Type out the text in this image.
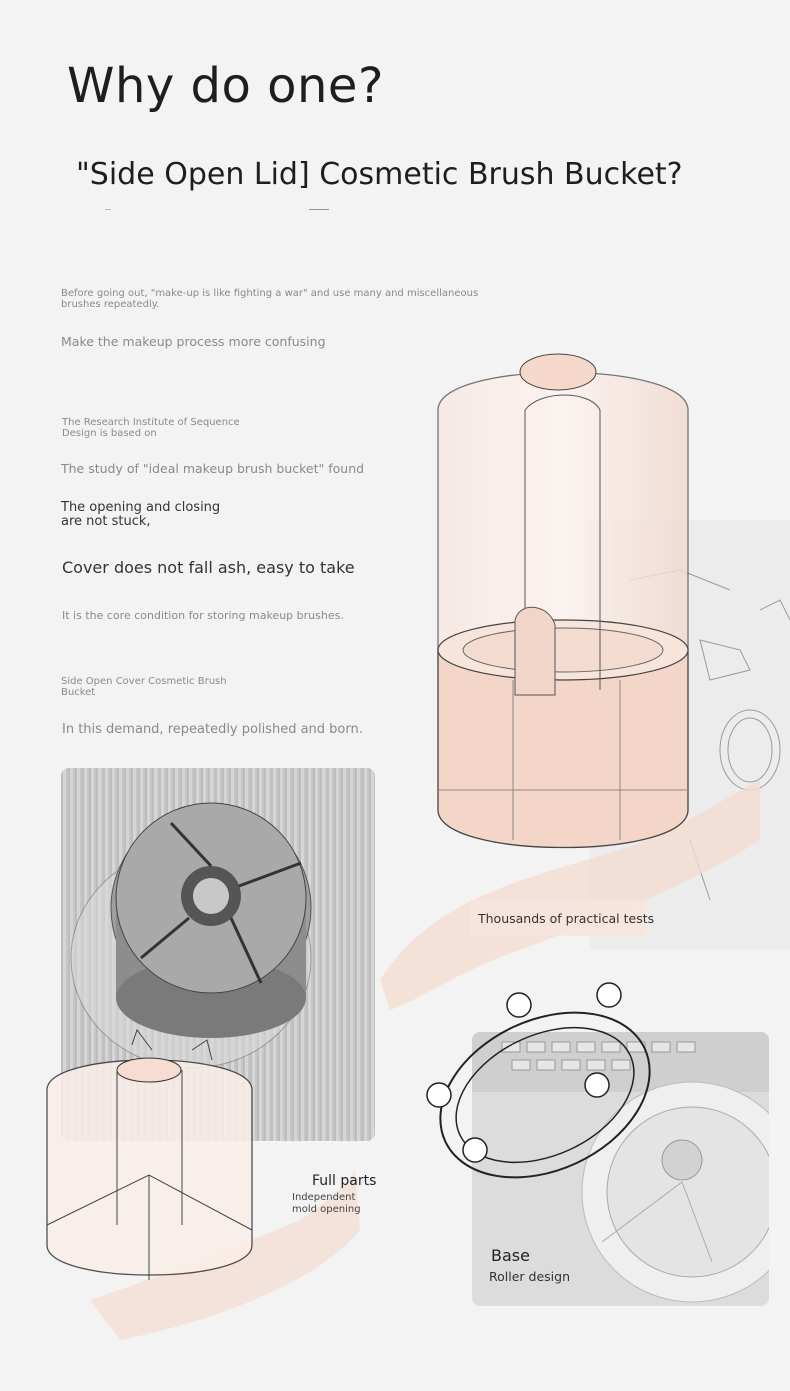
Why do one?
"Side Open Lid] Cosmetic Brush Bucket?
Before going out, "make-up is like fighting a war" and use many and miscellaneous brushes repeatedly.
Make the makeup process more confusing
The Research Institute of Sequence Design is based on
The study of "ideal makeup brush bucket" found
The opening and closing are not stuck,
Cover does not fall ash, easy to take
It is the core condition for storing makeup brushes.
Side Open Cover Cosmetic Brush Bucket
In this demand, repeatedly polished and born.
Thousands of practical tests
Full parts
Independent mold opening
Base
Roller design
